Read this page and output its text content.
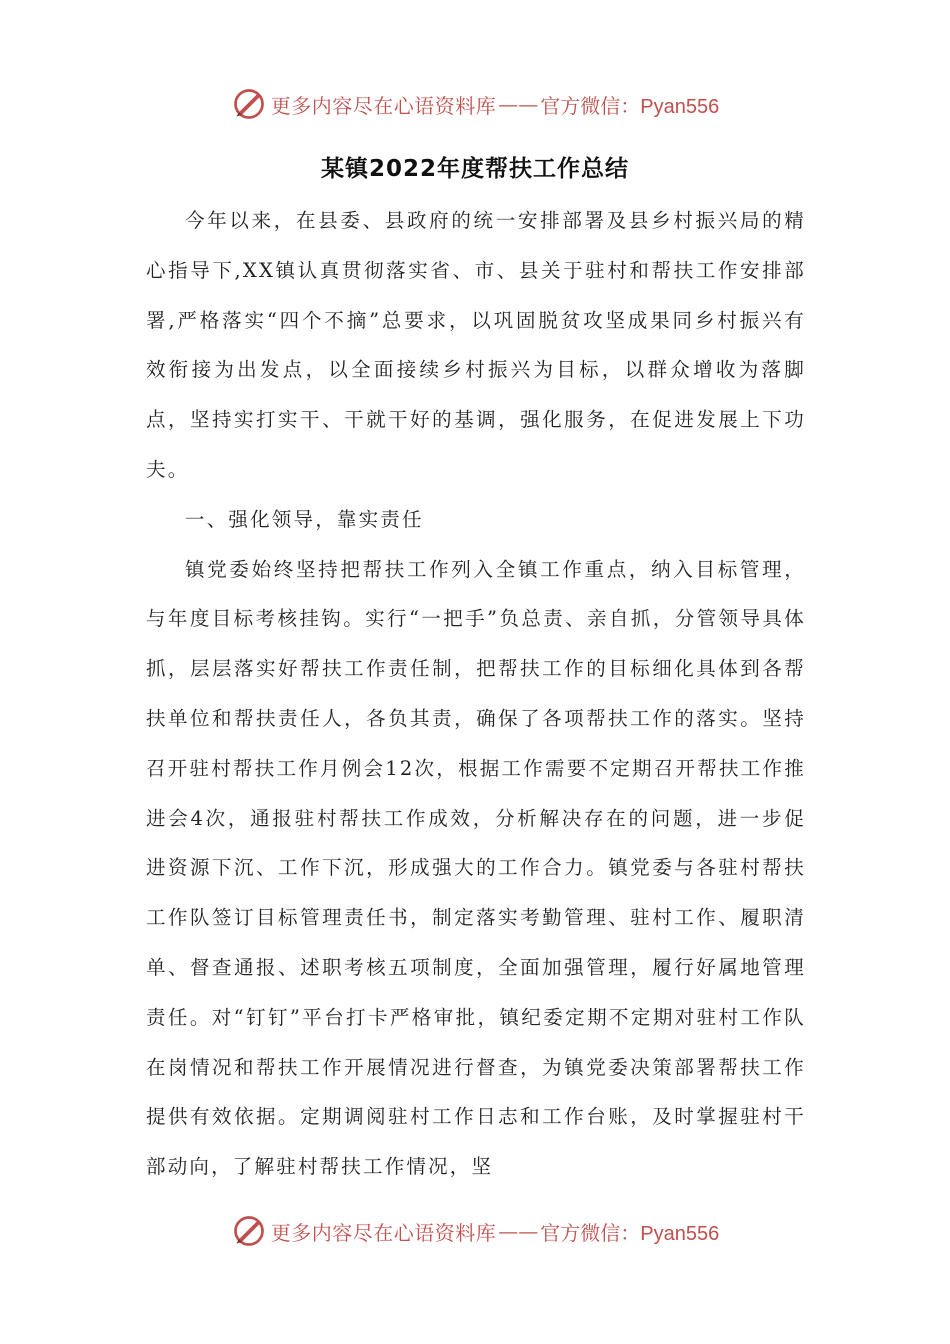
更多内容尽在心语资料库 —— 官方微信：Pyan556
某镇2022年度帮扶工作总结

今年以来，在县委、县政府的统一安排部署及县乡村振兴局的精心指导下,XX镇认真贯彻落实省、市、县关于驻村和帮扶工作安排部署,严格落实“四个不摘”总要求，以巩固脱贫攻坚成果同乡村振兴有效衔接为出发点，以全面接续乡村振兴为目标，以群众增收为落脚点，坚持实打实干、干就干好的基调，强化服务，在促进发展上下功夫。

一、强化领导，靠实责任

镇党委始终坚持把帮扶工作列入全镇工作重点，纳入目标管理，与年度目标考核挂钩。实行“一把手”负总责、亲自抓，分管领导具体抓，层层落实好帮扶工作责任制，把帮扶工作的目标细化具体到各帮扶单位和帮扶责任人，各负其责，确保了各项帮扶工作的落实。坚持召开驻村帮扶工作月例会12次，根据工作需要不定期召开帮扶工作推进会4次，通报驻村帮扶工作成效，分析解决存在的问题，进一步促进资源下沉、工作下沉，形成强大的工作合力。镇党委与各驻村帮扶工作队签订目标管理责任书，制定落实考勤管理、驻村工作、履职清单、督查通报、述职考核五项制度，全面加强管理，履行好属地管理责任。对“钉钉”平台打卡严格审批，镇纪委定期不定期对驻村工作队在岗情况和帮扶工作开展情况进行督查，为镇党委决策部署帮扶工作提供有效依据。定期调阅驻村工作日志和工作台账，及时掌握驻村干部动向，了解驻村帮扶工作情况，坚

更多内容尽在心语资料库 —— 官方微信：Pyan556
